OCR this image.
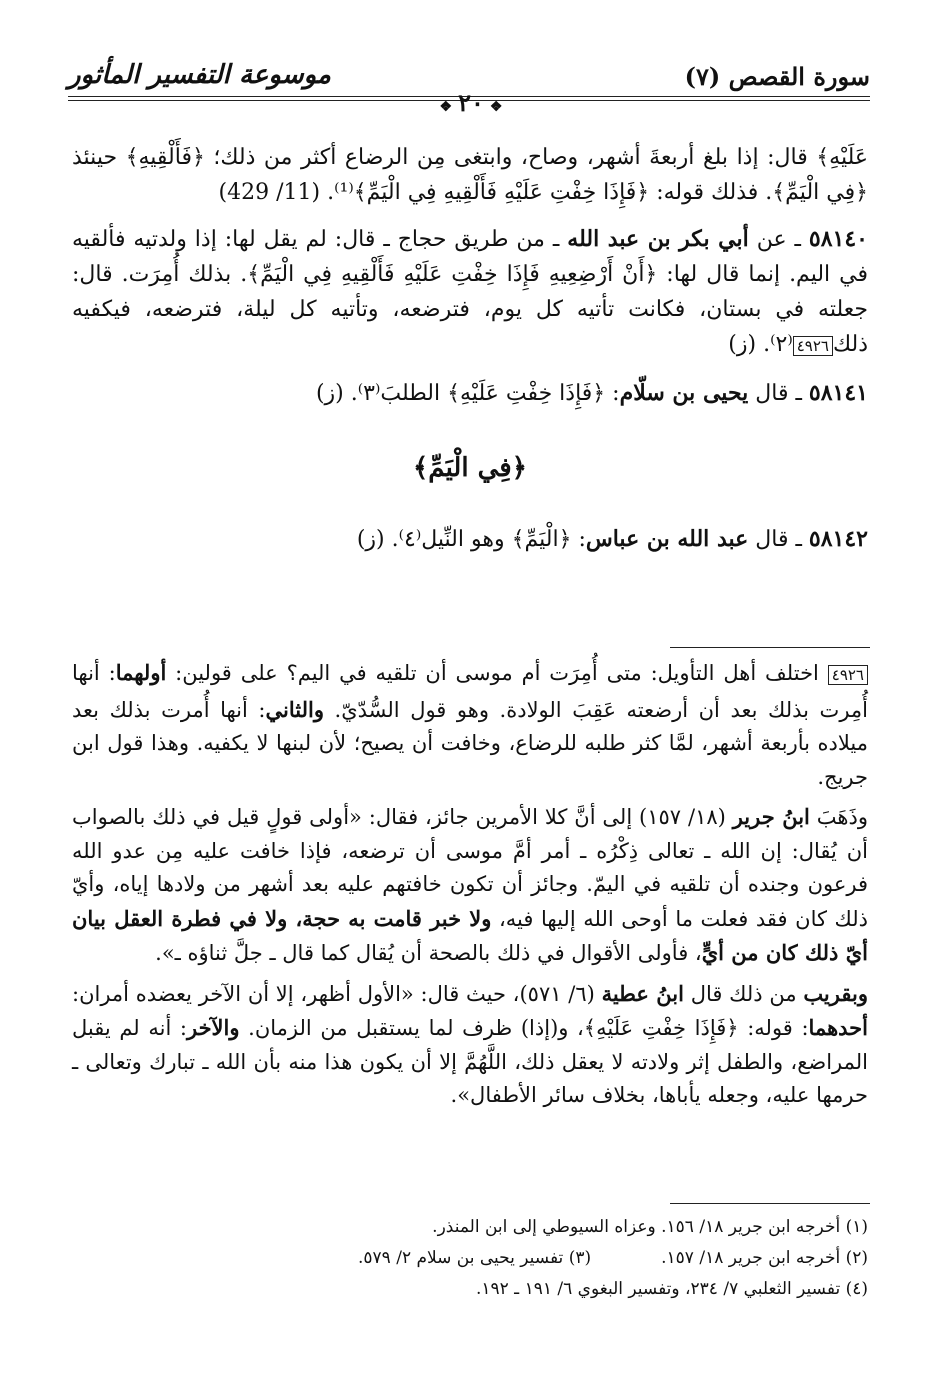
سورة القصص (٧)
موسوعة التفسير المأثور
❖٢٠❖

عَلَيْهِ﴾ قال: إذا بلغ أربعةَ أشهر، وصاح، وابتغى مِن الرضاع أكثر من ذلك؛ ﴿فَأَلْقِيهِ﴾ حينئذ ﴿فِي الْيَمِّ﴾. فذلك قوله: ﴿فَإِذَا خِفْتِ عَلَيْهِ فَأَلْقِيهِ فِي الْيَمِّ﴾⁽¹⁾. (11/ 429)

٥٨١٤٠ ـ عن أبي بكر بن عبد الله ـ من طريق حجاج ـ قال: لم يقل لها: إذا ولدتيه فألقيه في اليم. إنما قال لها: ﴿أَنْ أَرْضِعِيهِ فَإِذَا خِفْتِ عَلَيْهِ فَأَلْقِيهِ فِي الْيَمِّ﴾. بذلك أُمِرَت. قال: جعلته في بستان، فكانت تأتيه كل يوم، فترضعه، وتأتيه كل ليلة، فترضعه، فيكفيه ذلك٤٩٢٦⁽٢⁾. (ز)

٥٨١٤١ ـ قال يحيى بن سلّام: ﴿فَإِذَا خِفْتِ عَلَيْهِ﴾ الطلبَ⁽٣⁾. (ز)

﴿فِي الْيَمِّ﴾

٥٨١٤٢ ـ قال عبد الله بن عباس: ﴿الْيَمِّ﴾ وهو النِّيل⁽٤⁾. (ز)

٤٩٢٦ اختلف أهل التأويل: متى أُمِرَت أم موسى أن تلقيه في اليم؟ على قولين: أولهما: أنها أُمِرت بذلك بعد أن أرضعته عَقِبَ الولادة. وهو قول السُّدّيّ. والثاني: أنها أُمرت بذلك بعد ميلاده بأربعة أشهر، لمَّا كثر طلبه للرضاع، وخافت أن يصيح؛ لأن لبنها لا يكفيه. وهذا قول ابن جريج.

وذَهَبَ ابنُ جرير (١٨/ ١٥٧) إلى أنَّ كلا الأمرين جائز، فقال: «أولى قولٍ قيل في ذلك بالصواب أن يُقال: إن الله ـ تعالى ذِكْرُه ـ أمر أمَّ موسى أن ترضعه، فإذا خافت عليه مِن عدو الله فرعون وجنده أن تلقيه في اليمّ. وجائز أن تكون خافتهم عليه بعد أشهر من ولادها إياه، وأيّ ذلك كان فقد فعلت ما أوحى الله إليها فيه، ولا خبر قامت به حجة، ولا في فطرة العقل بيان أيّ ذلك كان من أيٍّ، فأولى الأقوال في ذلك بالصحة أن يُقال كما قال ـ جلَّ ثناؤه ـ».

وبقريب من ذلك قال ابنُ عطية (٦/ ٥٧١)، حيث قال: «الأول أظهر، إلا أن الآخر يعضده أمران: أحدهما: قوله: ﴿فَإِذَا خِفْتِ عَلَيْهِ﴾، و(إذا) ظرف لما يستقبل من الزمان. والآخر: أنه لم يقبل المراضع، والطفل إثر ولادته لا يعقل ذلك، اللَّهُمَّ إلا أن يكون هذا منه بأن الله ـ تبارك وتعالى ـ حرمها عليه، وجعله يأباها، بخلاف سائر الأطفال».

(١) أخرجه ابن جرير ١٨/ ١٥٦. وعزاه السيوطي إلى ابن المنذر.
(٢) أخرجه ابن جرير ١٨/ ١٥٧.(٣) تفسير يحيى بن سلام ٢/ ٥٧٩.
(٤) تفسير الثعلبي ٧/ ٢٣٤، وتفسير البغوي ٦/ ١٩١ ـ ١٩٢.
